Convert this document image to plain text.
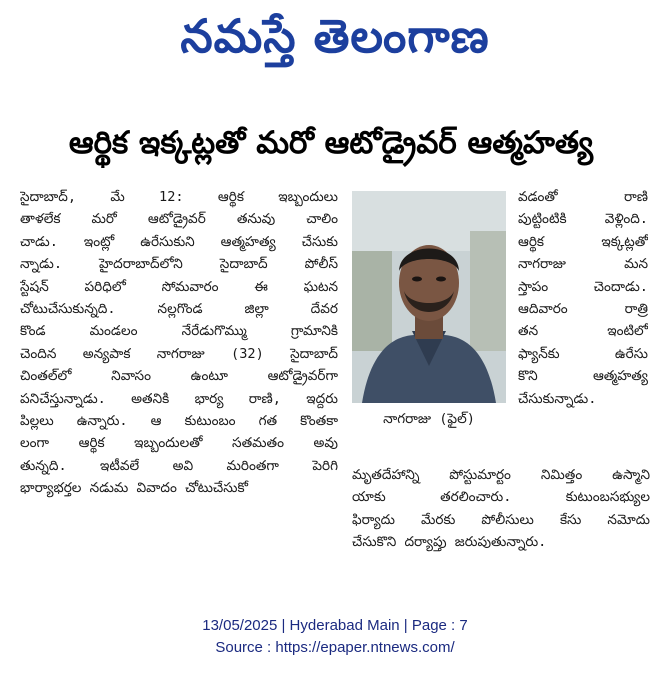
నమస్తే తెలంగాణ
ఆర్థిక ఇక్కట్లతో మరో ఆటోడ్రైవర్ ఆత్మహత్య
సైదాబాద్, మే 12: ఆర్థిక ఇబ్బందులు
తాళలేక మరో ఆటోడ్రైవర్ తనువు చాలిం
చాడు. ఇంట్లో ఉరేసుకుని ఆత్మహత్య చేసుకు
న్నాడు. హైదరాబాద్‌లోని సైదాబాద్ పోలీస్
స్టేషన్ పరిధిలో సోమవారం ఈ ఘటన
చోటుచేసుకున్నది. నల్లగొండ జిల్లా దేవర
కొండ మండలం నేరేడుగొమ్ము గ్రామానికి
చెందిన అన్యపాక నాగరాజు (32) సైదాబాద్
చింతల్‌లో నివాసం ఉంటూ ఆటోడ్రైవర్‌గా
పనిచేస్తున్నాడు. అతనికి భార్య రాణి, ఇద్దరు
పిల్లలు ఉన్నారు. ఆ కుటుంబం గత కొంతకా
లంగా ఆర్థిక ఇబ్బందులతో సతమతం అవు
తున్నది. ఇటీవలే అవి మరింతగా పెరిగి
భార్యాభర్తల నడుమ వివాదం చోటుచేసుకో
నాగరాజు (ఫైల్)
వడంతో రాణి
పుట్టింటికి వెళ్లింది.
ఆర్థిక ఇక్కట్లతో
నాగరాజు మన
స్తాపం చెందాడు.
ఆదివారం రాత్రి
తన ఇంటిలో
ఫ్యాన్‌కు ఉరేసు
కొని ఆత్మహత్య
చేసుకున్నాడు.
మృతదేహాన్ని పోస్టుమార్టం నిమిత్తం ఉస్మాని
యాకు తరలించారు. కుటుంబసభ్యుల
ఫిర్యాదు మేరకు పోలీసులు కేసు నమోదు
చేసుకొని దర్యాప్తు జరుపుతున్నారు.
13/05/2025 | Hyderabad Main | Page : 7
Source : https://epaper.ntnews.com/
